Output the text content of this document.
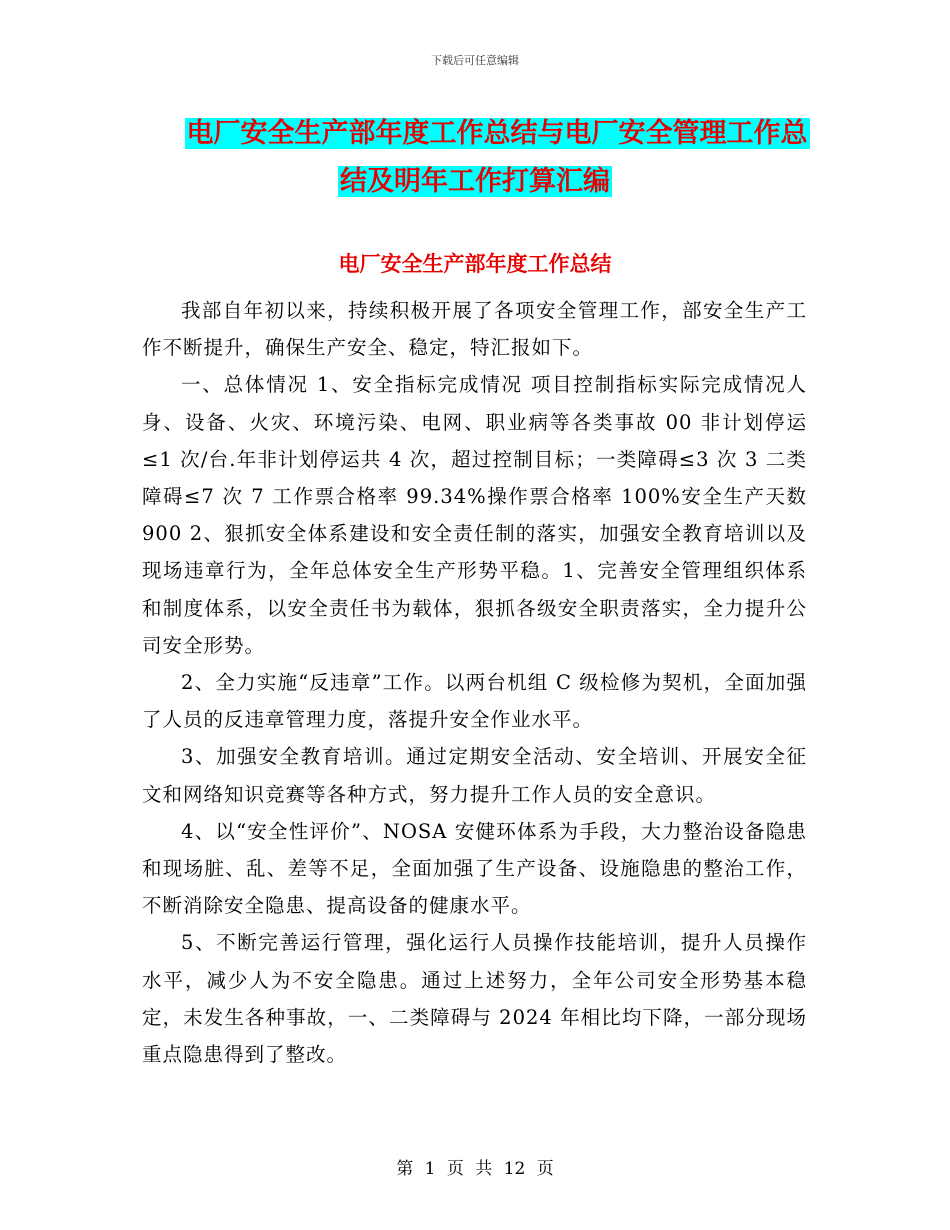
下载后可任意编辑
电厂安全生产部年度工作总结与电厂安全管理工作总
结及明年工作打算汇编
电厂安全生产部年度工作总结

我部自年初以来，持续积极开展了各项安全管理工作，部安全生产工作不断提升，确保生产安全、稳定，特汇报如下。

一、总体情况 1、安全指标完成情况 项目控制指标实际完成情况人身、设备、火灾、环境污染、电网、职业病等各类事故 00 非计划停运≤1 次/台.年非计划停运共 4 次，超过控制目标；一类障碍≤3 次 3 二类障碍≤7 次 7 工作票合格率 99.34%操作票合格率 100%安全生产天数 900 2、狠抓安全体系建设和安全责任制的落实，加强安全教育培训以及现场违章行为，全年总体安全生产形势平稳。1、完善安全管理组织体系和制度体系，以安全责任书为载体，狠抓各级安全职责落实，全力提升公司安全形势。

2、全力实施“反违章”工作。以两台机组 C 级检修为契机，全面加强了人员的反违章管理力度，落提升安全作业水平。

3、加强安全教育培训。通过定期安全活动、安全培训、开展安全征文和网络知识竞赛等各种方式，努力提升工作人员的安全意识。

4、以“安全性评价”、NOSA 安健环体系为手段，大力整治设备隐患和现场脏、乱、差等不足，全面加强了生产设备、设施隐患的整治工作，不断消除安全隐患、提高设备的健康水平。

5、不断完善运行管理，强化运行人员操作技能培训，提升人员操作水平，减少人为不安全隐患。通过上述努力，全年公司安全形势基本稳定，未发生各种事故，一、二类障碍与 2024 年相比均下降，一部分现场重点隐患得到了整改。

第 1 页 共 12 页
